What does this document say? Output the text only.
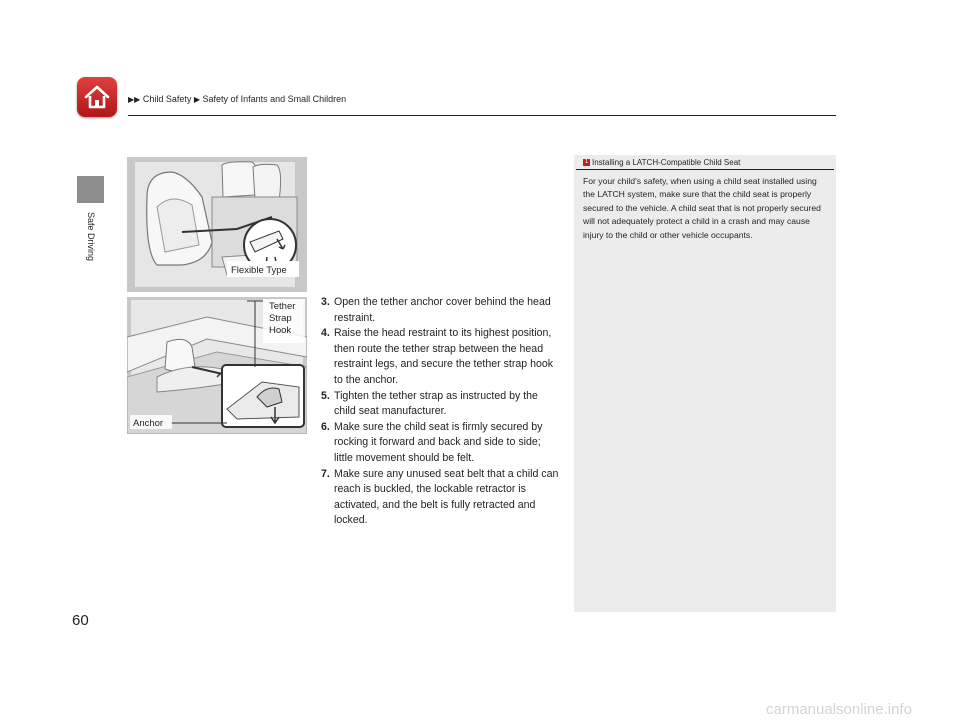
▶▶ Child Safety ▶ Safety of Infants and Small Children
Safe Driving
Flexible Type
Tether Strap Hook
Anchor
3. Open the tether anchor cover behind the head restraint.
4. Raise the head restraint to its highest position, then route the tether strap between the head restraint legs, and secure the tether strap hook to the anchor.
5. Tighten the tether strap as instructed by the child seat manufacturer.
6. Make sure the child seat is firmly secured by rocking it forward and back and side to side; little movement should be felt.
7. Make sure any unused seat belt that a child can reach is buckled, the lockable retractor is activated, and the belt is fully retracted and locked.
1 Installing a LATCH-Compatible Child Seat
For your child’s safety, when using a child seat installed using the LATCH system, make sure that the child seat is properly secured to the vehicle. A child seat that is not properly secured will not adequately protect a child in a crash and may cause injury to the child or other vehicle occupants.
60
carmanualsonline.info
